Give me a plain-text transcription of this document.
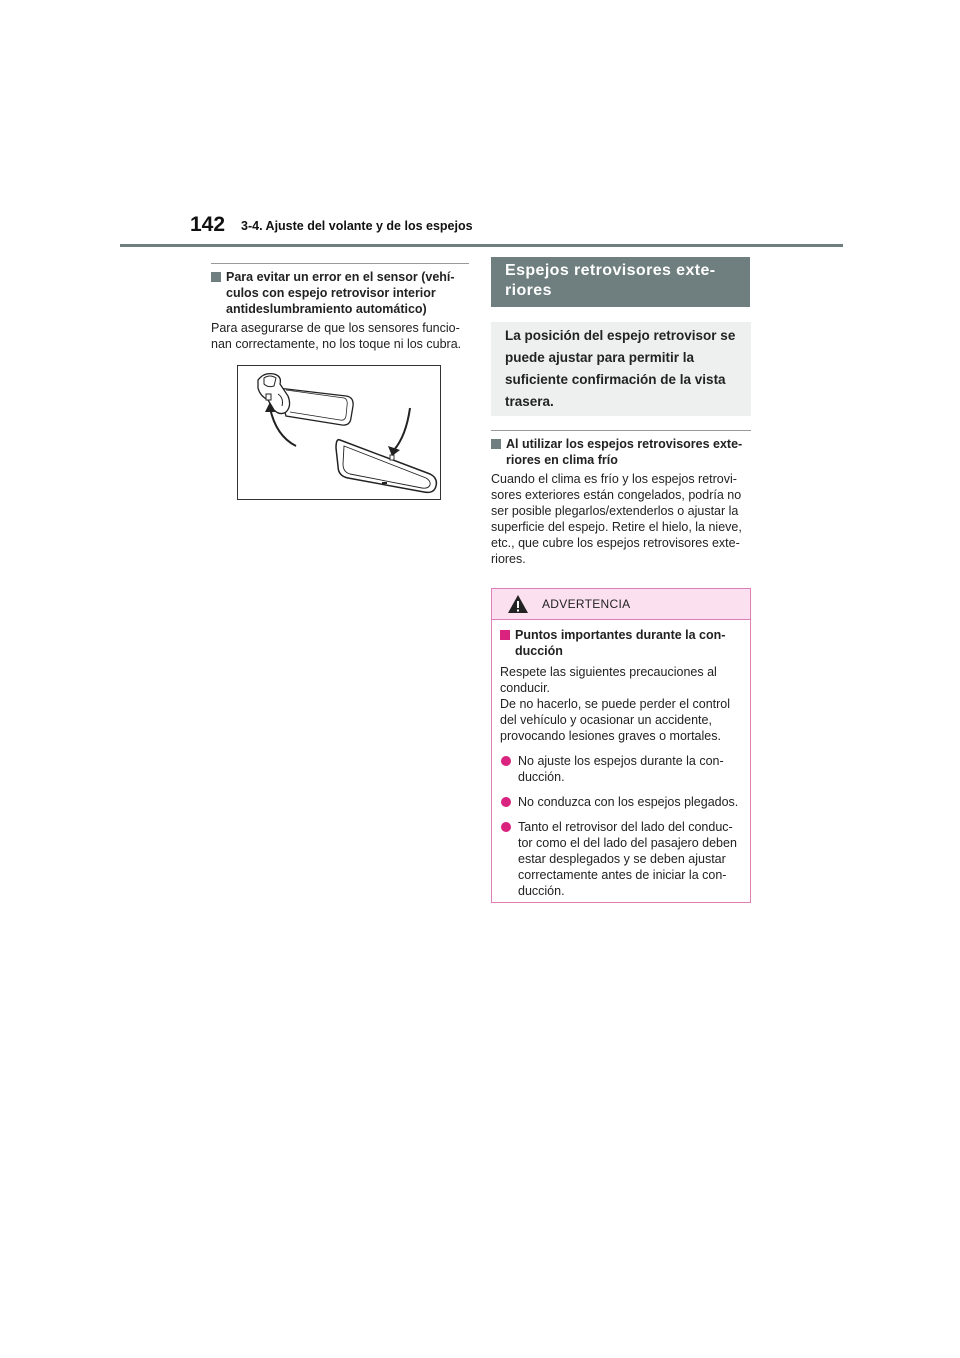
142 3-4. Ajuste del volante y de los espejos
Para evitar un error en el sensor (vehí- culos con espejo retrovisor interior antideslumbramiento automático)
Para asegurarse de que los sensores funcio- nan correctamente, no los toque ni los cubra.
Espejos retrovisores exte- riores
La posición del espejo retrovisor se puede ajustar para permitir la suficiente confirmación de la vista trasera.
Al utilizar los espejos retrovisores exte- riores en clima frío
Cuando el clima es frío y los espejos retrovi- sores exteriores están congelados, podría no ser posible plegarlos/extenderlos o ajustar la superficie del espejo. Retire el hielo, la nieve, etc., que cubre los espejos retrovisores exte- riores.
ADVERTENCIA
Puntos importantes durante la con- ducción
Respete las siguientes precauciones al conducir.
De no hacerlo, se puede perder el control del vehículo y ocasionar un accidente, provocando lesiones graves o mortales.
No ajuste los espejos durante la con- ducción.
No conduzca con los espejos plegados.
Tanto el retrovisor del lado del conduc- tor como el del lado del pasajero deben estar desplegados y se deben ajustar correctamente antes de iniciar la con- ducción.
